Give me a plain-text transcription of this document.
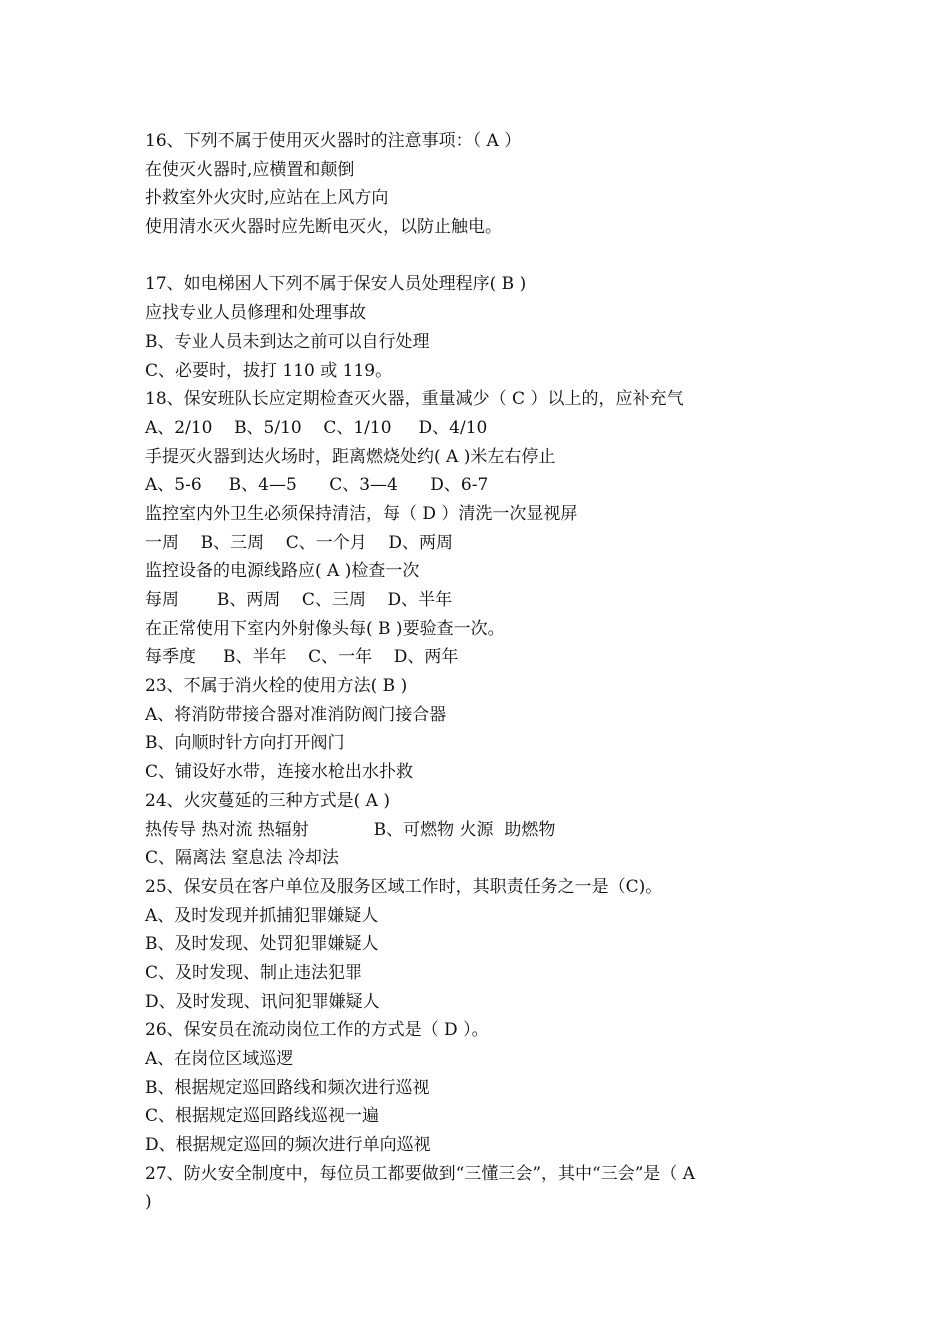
16、下列不属于使用灭火器时的注意事项：（ A ）
在使灭火器时,应横置和颠倒
扑救室外火灾时,应站在上风方向
使用清水灭火器时应先断电灭火，以防止触电。
17、如电梯困人下列不属于保安人员处理程序( B )
应找专业人员修理和处理事故
B、专业人员未到达之前可以自行处理
C、必要时，拔打 110 或 119。
18、保安班队长应定期检查灭火器，重量减少（ C ）以上的，应补充气
A、2/10    B、5/10    C、1/10     D、4/10
手提灭火器到达火场时，距离燃烧处约( A )米左右停止
A、5-6     B、4—5      C、3—4      D、6-7
监控室内外卫生必须保持清洁，每（ D ）清洗一次显视屏
一周    B、三周    C、一个月    D、两周
监控设备的电源线路应( A )检查一次
每周       B、两周    C、三周    D、半年
在正常使用下室内外射像头每( B )要验查一次。
每季度     B、半年    C、一年    D、两年
23、不属于消火栓的使用方法( B )
A、将消防带接合器对准消防阀门接合器
B、向顺时针方向打开阀门
C、铺设好水带，连接水枪出水扑救
24、火灾蔓延的三种方式是( A )
热传导 热对流 热辐射            B、可燃物 火源  助燃物
C、隔离法 窒息法 冷却法
25、保安员在客户单位及服务区域工作时，其职责任务之一是（C)。
A、及时发现并抓捕犯罪嫌疑人
B、及时发现、处罚犯罪嫌疑人
C、及时发现、制止违法犯罪
D、及时发现、讯问犯罪嫌疑人
26、保安员在流动岗位工作的方式是（ D ）。
A、在岗位区域巡逻
B、根据规定巡回路线和频次进行巡视
C、根据规定巡回路线巡视一遍
D、根据规定巡回的频次进行单向巡视
27、防火安全制度中，每位员工都要做到“三懂三会”，其中“三会”是（ A
)
